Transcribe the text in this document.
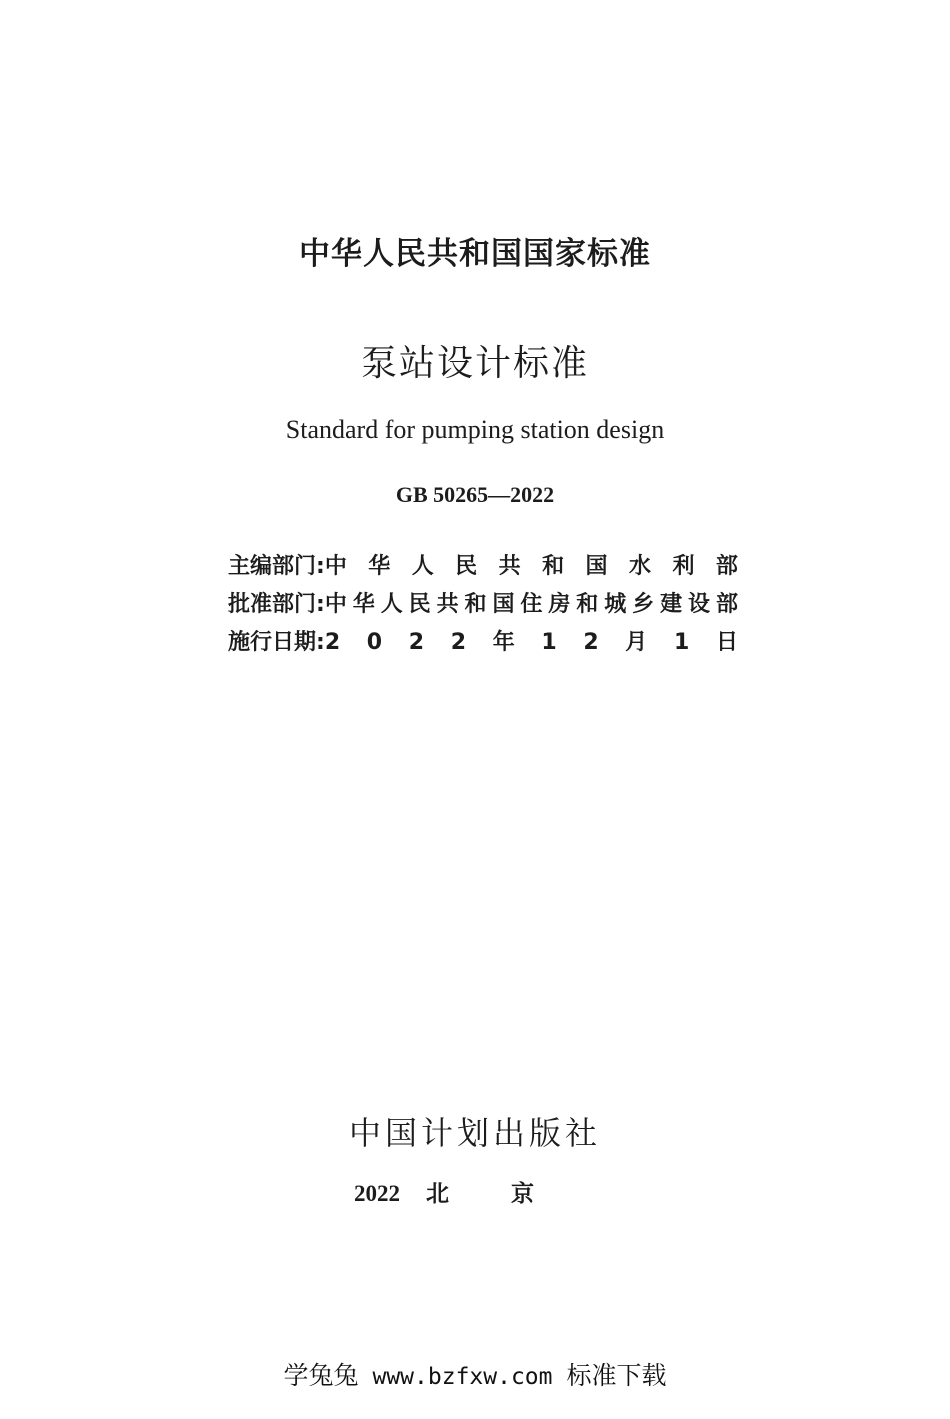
中华人民共和国国家标准
泵站设计标准
Standard for pumping station design
GB 50265—2022
主编部门: 中 华 人 民 共 和 国 水 利 部
批准部门: 中 华 人 民 共 和 国 住 房 和 城 乡 建 设 部
施行日期: 2 0 2 2 年 1 2 月 1 日
中国计划出版社
2022 北京
学兔兔 www.bzfxw.com 标准下载
